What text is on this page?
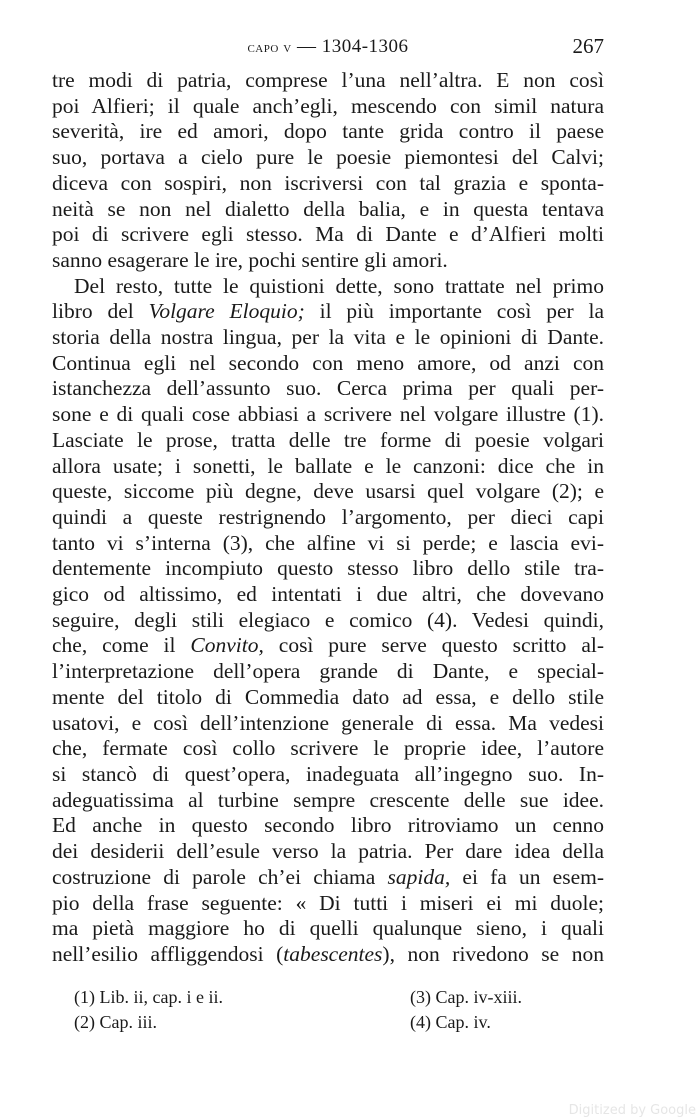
capo v — 1304-1306	267

tre modi di patria, comprese l’una nell’altra. E non così

poi Alfieri; il quale anch’egli, mescendo con simil natura

severità, ire ed amori, dopo tante grida contro il paese

suo, portava a cielo pure le poesie piemontesi del Calvi;

diceva con sospiri, non iscriversi con tal grazia e sponta-

neità se non nel dialetto della balia, e in questa tentava

poi di scrivere egli stesso. Ma di Dante e d’Alfieri molti

sanno esagerare le ire, pochi sentire gli amori.

Del resto, tutte le quistioni dette, sono trattate nel primo

libro del Volgare Eloquio; il più importante così per la

storia della nostra lingua, per la vita e le opinioni di Dante.

Continua egli nel secondo con meno amore, od anzi con

istanchezza dell’assunto suo. Cerca prima per quali per-

sone e di quali cose abbiasi a scrivere nel volgare illustre (1).

Lasciate le prose, tratta delle tre forme di poesie volgari

allora usate; i sonetti, le ballate e le canzoni: dice che in

queste, siccome più degne, deve usarsi quel volgare (2); e

quindi a queste restrignendo l’argomento, per dieci capi

tanto vi s’interna (3), che alfine vi si perde; e lascia evi-

dentemente incompiuto questo stesso libro dello stile tra-

gico od altissimo, ed intentati i due altri, che dovevano

seguire, degli stili elegiaco e comico (4). Vedesi quindi,

che, come il Convito, così pure serve questo scritto al-

l’interpretazione dell’opera grande di Dante, e special-

mente del titolo di Commedia dato ad essa, e dello stile

usatovi, e così dell’intenzione generale di essa. Ma vedesi

che, fermate così collo scrivere le proprie idee, l’autore

si stancò di quest’opera, inadeguata all’ingegno suo. In-

adeguatissima al turbine sempre crescente delle sue idee.

Ed anche in questo secondo libro ritroviamo un cenno

dei desiderii dell’esule verso la patria. Per dare idea della

costruzione di parole ch’ei chiama sapida, ei fa un esem-

pio della frase seguente: « Di tutti i miseri ei mi duole;

ma pietà maggiore ho di quelli qualunque sieno, i quali

nell’esilio affliggendosi (tabescentes), non rivedono se non

(1) Lib. ii, cap. i e ii.	(3) Cap. iv-xiii.
(2) Cap. iii.	(4) Cap. iv.
Digitized by Google
